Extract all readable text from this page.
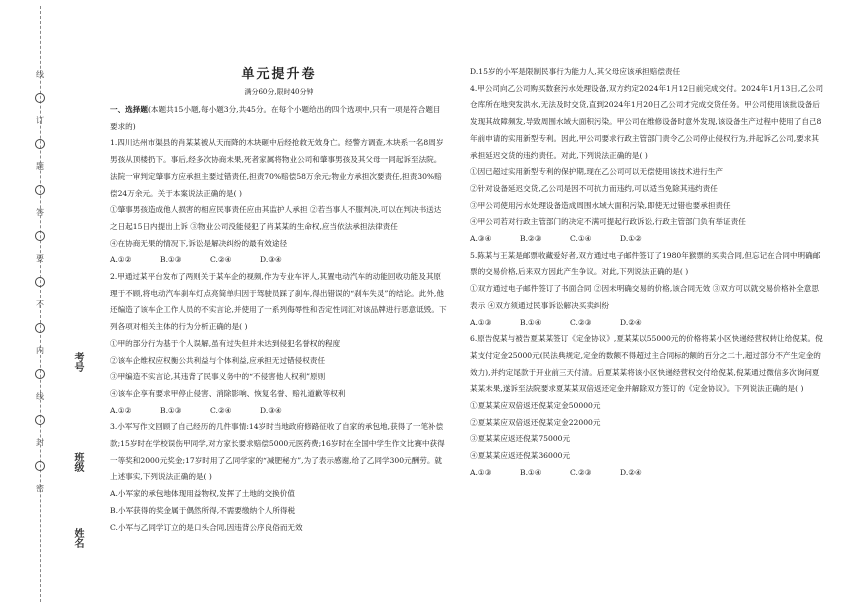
线
订
题
答
要
不
内
线
封
密
考号
班级
姓名
单元提升卷
满分60分,限时40分钟

一、选择题(本题共15小题,每小题3分,共45分。在每个小题给出的四个选项中,只有一项是符合题目要求的)

1.四川达州市渠县的肖某某被从天而降的木块砸中后经抢救无效身亡。经警方调查,木块系一名8周岁男孩从顶楼扔下。事后,经多次协商未果,死者家属将物业公司和肇事男孩及其父母一同起诉至法院。法院一审判定肇事方应承担主要过错责任,担责70%赔偿58万余元;物业方承担次要责任,担责30%赔偿24万余元。关于本案说法正确的是( )

①肇事男孩造成他人损害的相应民事责任应由其监护人承担 ②若当事人不服判决,可以在判决书送达之日起15日内提出上诉 ③物业公司没能侵犯了肖某某的生命权,应当依法承担法律责任

④在协商无果的情况下,诉讼是解决纠纷的最有效途径

A.①②	B.①③	C.②④	D.③④

2.甲通过某平台发布了两则关于某车企的视频,作为专业车评人,其置电动汽车的动能回收功能及其原理于不顾,将电动汽车刹车灯点亮简单归因于驾驶员踩了刹车,得出错误的“刹车失灵”的结论。此外,他还编造了该车企工作人员的不实言论,并使用了一系列侮辱性和否定性词汇对该品牌进行恶意诋毁。下列各项对相关主体的行为分析正确的是( )

①甲的部分行为基于个人误解,虽有过失但并未达到侵犯名誉权的程度

②该车企维权应权衡公共利益与个体利益,应承担无过错侵权责任

③甲编造不实言论,其违背了民事义务中的“不侵害他人权利”原则

④该车企享有要求甲停止侵害、消除影响、恢复名誉、赔礼道歉等权利

A.①②	B.①③	C.②④	D.③④

3.小军写作文回顾了自己经历的几件事情:14岁时当地政府修路征收了自家的承包地,获得了一笔补偿款;15岁时在学校误伤甲同学,对方家长要求赔偿5000元医药费;16岁时在全国中学生作文比赛中获得一等奖和2000元奖金;17岁时用了乙同学家的“减肥秘方”,为了表示感谢,给了乙同学300元酬劳。就上述事实,下列说法正确的是( )

A.小军家的承包地体现用益物权,发挥了土地的交换价值

B.小军获得的奖金属于偶然所得,不需要缴纳个人所得税

C.小军与乙同学订立的是口头合同,因违背公序良俗而无效

D.15岁的小军是限制民事行为能力人,其父母应该承担赔偿责任

4.甲公司向乙公司购买数套污水处理设备,双方约定2024年1月12日前完成交付。2024年1月13日,乙公司仓库所在地突发洪水,无法及时交货,直到2024年1月20日乙公司才完成交货任务。甲公司使用该批设备后发现其故障频发,导致周围水域大面积污染。甲公司在维修设备时意外发现,该设备生产过程中使用了自己8年前申请的实用新型专利。因此,甲公司要求行政主管部门责令乙公司停止侵权行为,并起诉乙公司,要求其承担延迟交货的违约责任。对此,下列说法正确的是( )

①因已超过实用新型专利的保护期,现在乙公司可以无偿使用该技术进行生产

②针对设备延迟交货,乙公司是因不可抗力而违约,可以适当免除其违约责任

③甲公司使用污水处理设备造成周围水域大面积污染,即使无过错也要承担责任

④甲公司若对行政主管部门的决定不满可提起行政诉讼,行政主管部门负有举证责任

A.③④	B.②③	C.①④	D.①②

5.陈某与王某是邮票收藏爱好者,双方通过电子邮件签订了1980年猴票的买卖合同,但忘记在合同中明确邮票的交易价格,后来双方因此产生争议。对此,下列说法正确的是( )

①双方通过电子邮件签订了书面合同 ②因未明确交易的价格,该合同无效 ③双方可以就交易价格补全意思表示 ④双方须通过民事诉讼解决买卖纠纷

A.①③	B.①④	C.②③	D.②④

6.原告倪某与被告夏某某签订《定金协议》,夏某某以55000元的价格将某小区快递经营权转让给倪某。倪某支付定金25000元(民法典规定,定金的数额不得超过主合同标的额的百分之二十,超过部分不产生定金的效力),并约定尾款于开业前三天付清。后夏某某将该小区快递经营权交付给倪某,倪某通过微信多次询问夏某某未果,遂诉至法院要求夏某某双倍返还定金并解除双方签订的《定金协议》。下列说法正确的是( )

①夏某某应双倍返还倪某定金50000元

②夏某某应双倍返还倪某定金22000元

③夏某某应返还倪某75000元

④夏某某应返还倪某36000元

A.①③	B.①④	C.②③	D.②④
